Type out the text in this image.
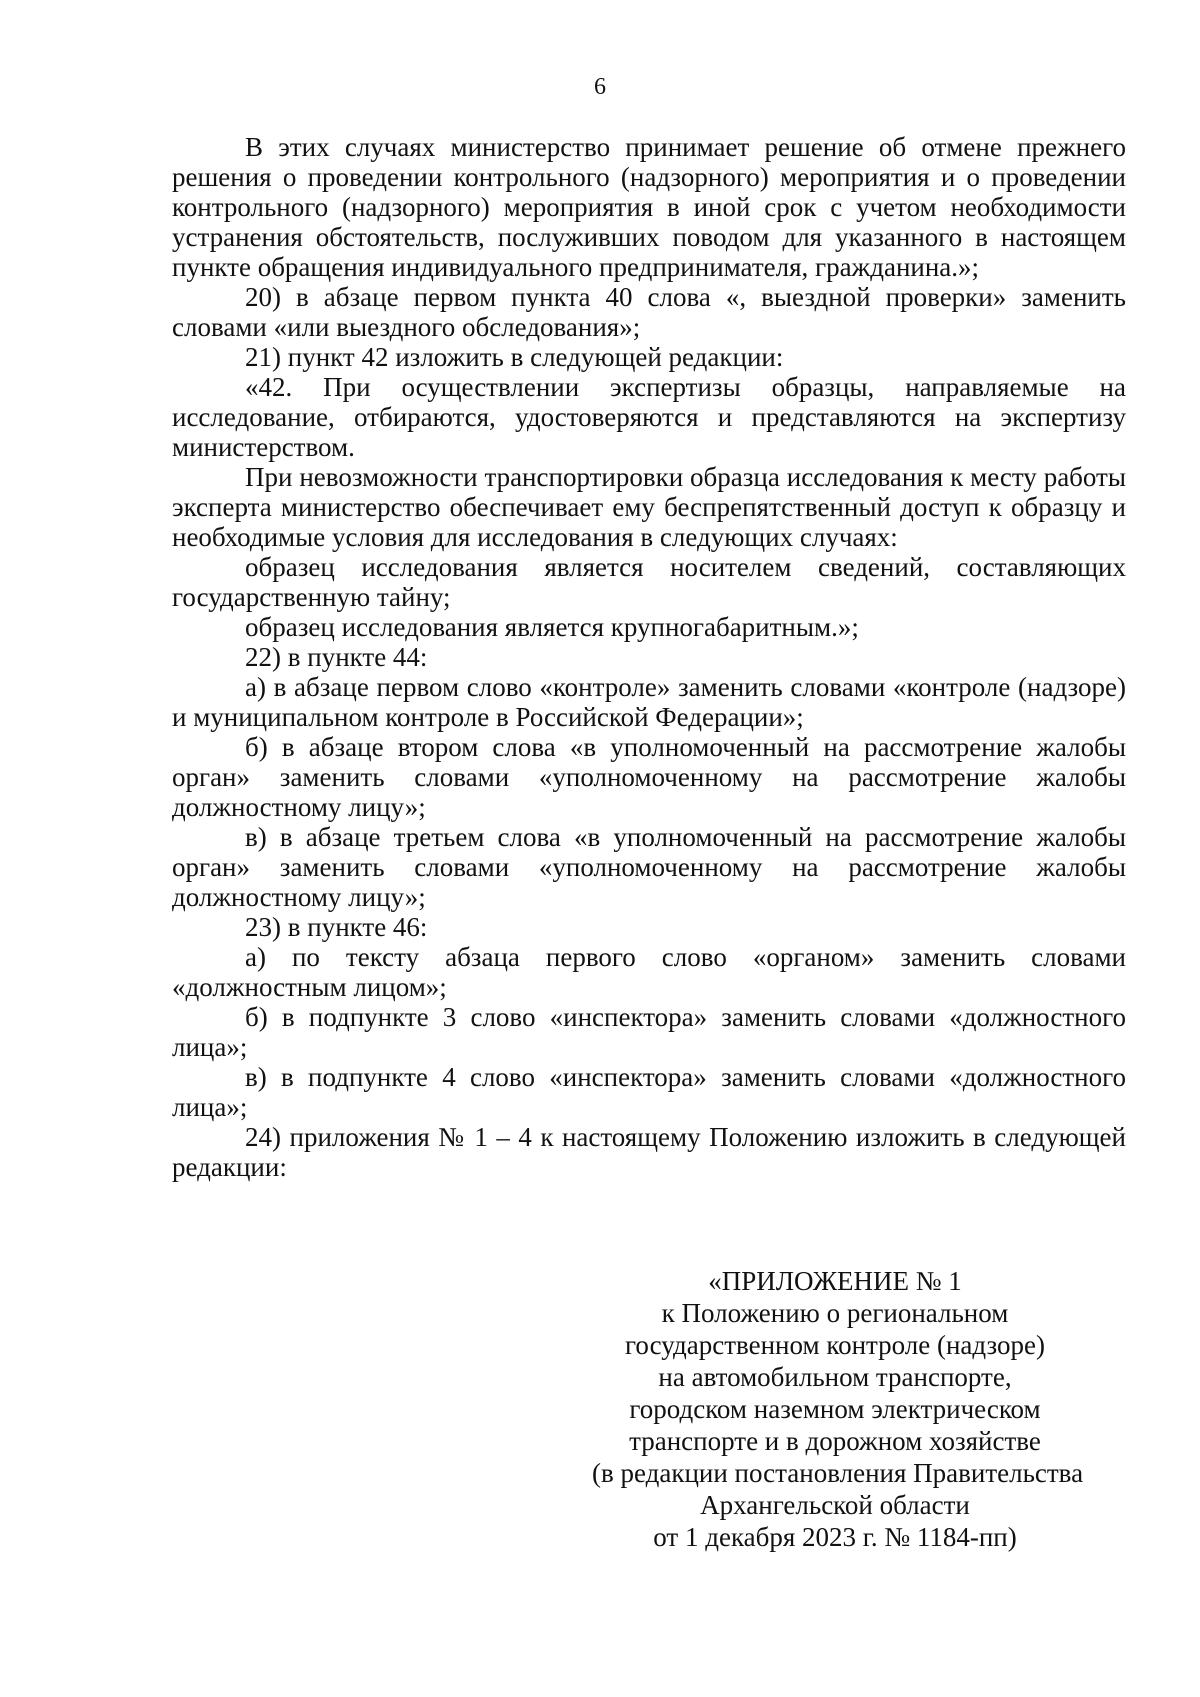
6

В этих случаях министерство принимает решение об отмене прежнего решения о проведении контрольного (надзорного) мероприятия и о проведении контрольного (надзорного) мероприятия в иной срок с учетом необходимости устранения обстоятельств, послуживших поводом для указанного в настоящем пункте обращения индивидуального предпринимателя, гражданина.»;

20) в абзаце первом пункта 40 слова «, выездной проверки» заменить словами «или выездного обследования»;

21) пункт 42 изложить в следующей редакции:

«42. При осуществлении экспертизы образцы, направляемые на исследование, отбираются, удостоверяются и представляются на экспертизу министерством.

При невозможности транспортировки образца исследования к месту работы эксперта министерство обеспечивает ему беспрепятственный доступ к образцу и необходимые условия для исследования в следующих случаях:

образец исследования является носителем сведений, составляющих государственную тайну;

образец исследования является крупногабаритным.»;

22) в пункте 44:

а) в абзаце первом слово «контроле» заменить словами «контроле (надзоре) и муниципальном контроле в Российской Федерации»;

б) в абзаце втором слова «в уполномоченный на рассмотрение жалобы орган» заменить словами «уполномоченному на рассмотрение жалобы должностному лицу»;

в) в абзаце третьем слова «в уполномоченный на рассмотрение жалобы орган» заменить словами «уполномоченному на рассмотрение жалобы должностному лицу»;

23) в пункте 46:

а) по тексту абзаца первого слово «органом» заменить словами «должностным лицом»;

б) в подпункте 3 слово «инспектора» заменить словами «должностного лица»;

в) в подпункте 4 слово «инспектора» заменить словами «должностного лица»;

24) приложения № 1 – 4 к настоящему Положению изложить в следующей редакции:

«ПРИЛОЖЕНИЕ № 1
к Положению о региональном
государственном контроле (надзоре)
на автомобильном транспорте,
городском наземном электрическом
транспорте и в дорожном хозяйстве
(в редакции постановления Правительства
Архангельской области
от 1 декабря 2023 г. № 1184-пп)
